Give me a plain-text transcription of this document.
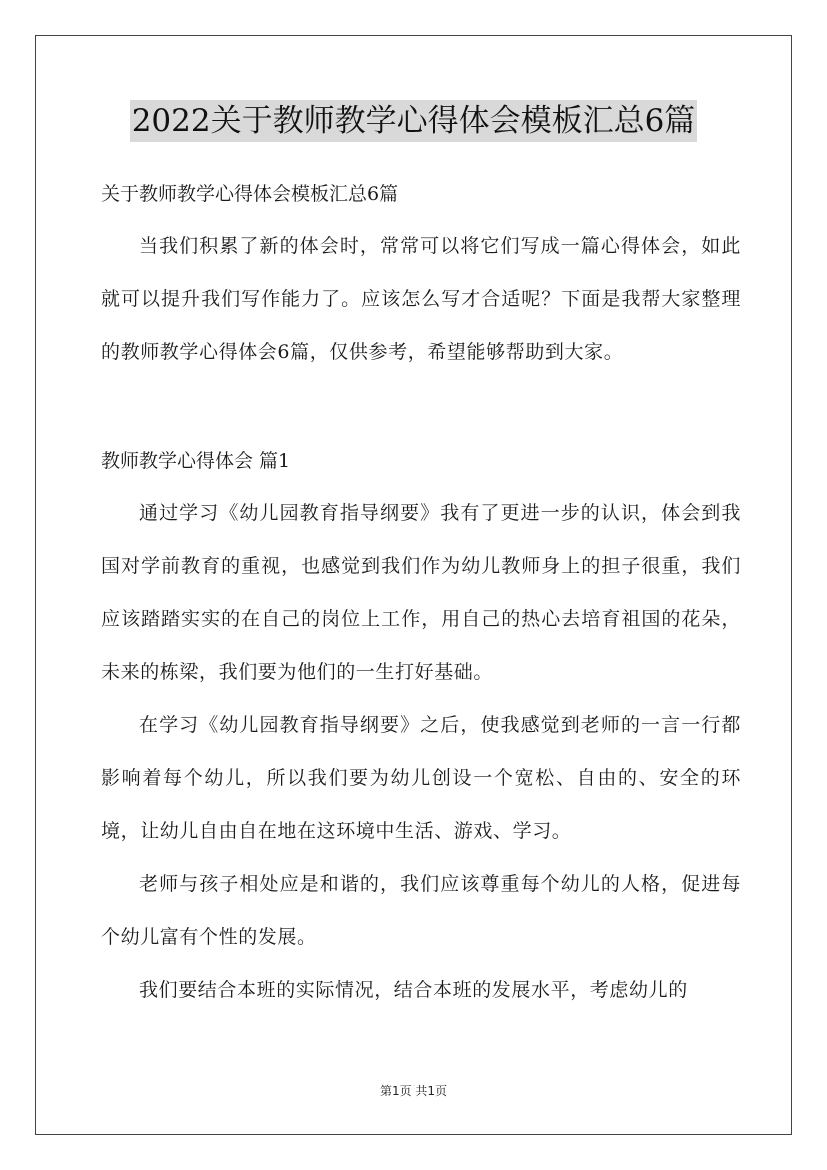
2022关于教师教学心得体会模板汇总6篇

关于教师教学心得体会模板汇总6篇

当我们积累了新的体会时，常常可以将它们写成一篇心得体会，如此就可以提升我们写作能力了。应该怎么写才合适呢？下面是我帮大家整理的教师教学心得体会6篇，仅供参考，希望能够帮助到大家。

教师教学心得体会 篇1

通过学习《幼儿园教育指导纲要》我有了更进一步的认识，体会到我国对学前教育的重视，也感觉到我们作为幼儿教师身上的担子很重，我们应该踏踏实实的在自己的岗位上工作，用自己的热心去培育祖国的花朵，未来的栋梁，我们要为他们的一生打好基础。

在学习《幼儿园教育指导纲要》之后，使我感觉到老师的一言一行都影响着每个幼儿，所以我们要为幼儿创设一个宽松、自由的、安全的环境，让幼儿自由自在地在这环境中生活、游戏、学习。

老师与孩子相处应是和谐的，我们应该尊重每个幼儿的人格，促进每个幼儿富有个性的发展。

我们要结合本班的实际情况，结合本班的发展水平，考虑幼儿的

第1页 共1页
